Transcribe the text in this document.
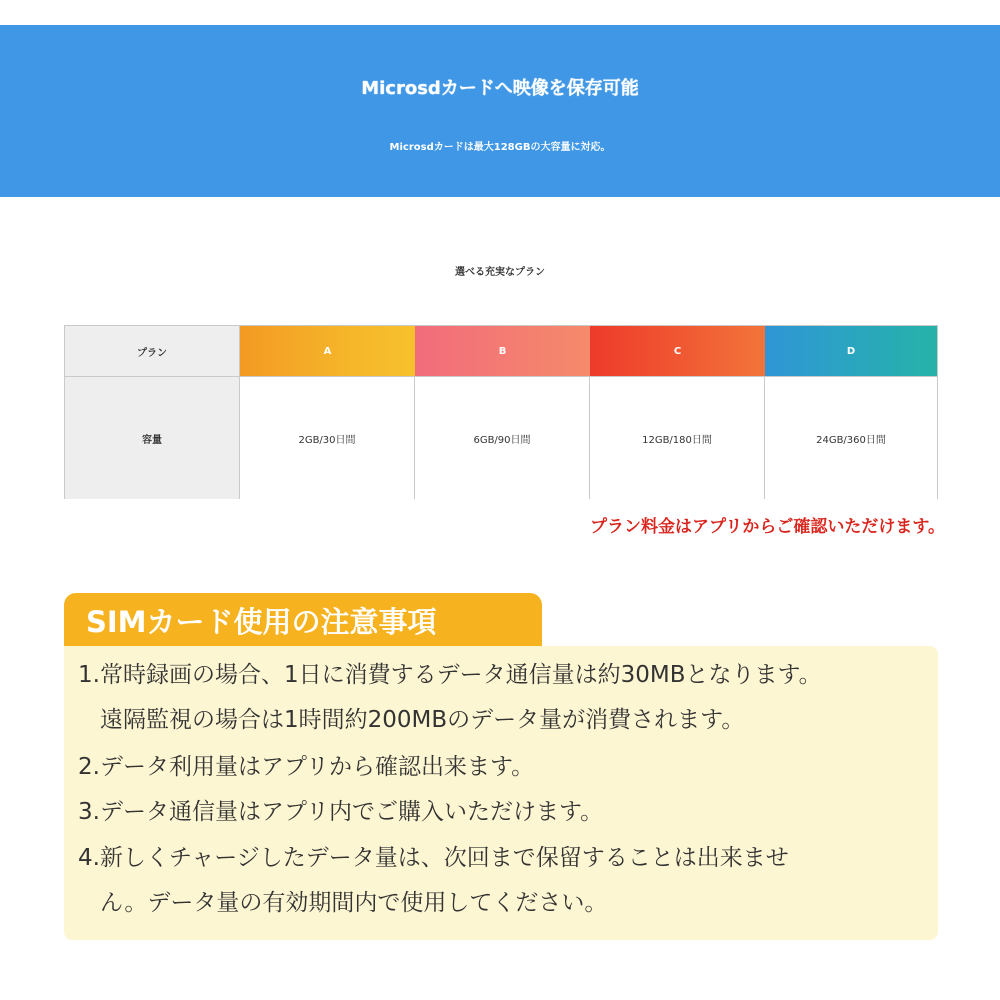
Microsdカードへ映像を保存可能
Microsdカードは最大128GBの大容量に対応。
選べる充実なプラン
プラン	A	B	C	D
容量	2GB/30日間	6GB/90日間	12GB/180日間	24GB/360日間
プラン料金はアプリからご確認いただけます。
SIMカード使用の注意事項
1.常時録画の場合、1日に消費するデータ通信量は約30MBとなります。
遠隔監視の場合は1時間約200MBのデータ量が消費されます。
2.データ利用量はアプリから確認出来ます。
3.データ通信量はアプリ内でご購入いただけます。
4.新しくチャージしたデータ量は、次回まで保留することは出来ませ
ん。データ量の有効期間内で使用してください。
